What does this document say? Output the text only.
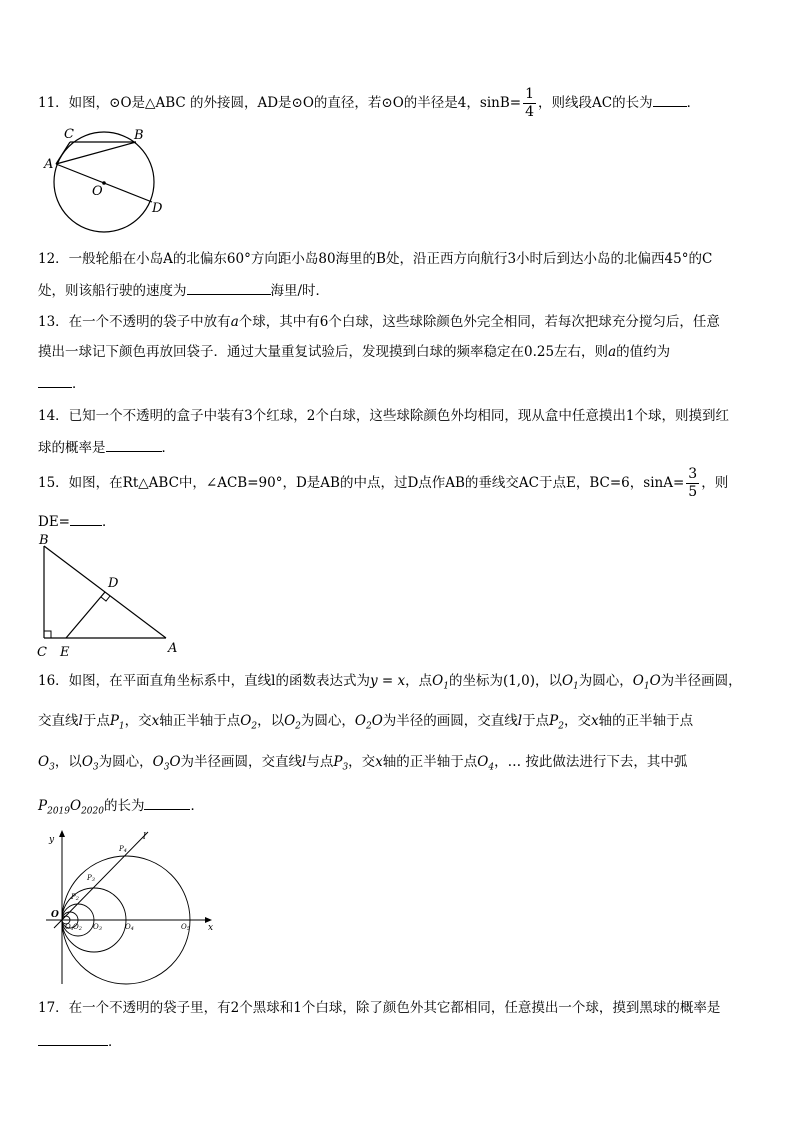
11．如图，⊙O是△ABC 的外接圆，AD是⊙O的直径，若⊙O的半径是4，$\sin B= \frac{1}{4}$ ，则线段AC的长为	．
C	B
A
O
D
12．一般轮船在小岛A的北偏东60°方向距小岛80海里的B处，沿正西方向航行3小时后到达小岛的北偏西45°的C
处，则该船行驶的速度为	海里/时．
13．在一个不透明的袋子中放有a个球，其中有6个白球，这些球除颜色外完全相同，若每次把球充分搅匀后，任意
摸出一球记下颜色再放回袋子．通过大量重复试验后，发现摸到白球的频率稳定在0.25左右，则a的值约为
．
14．已知一个不透明的盒子中装有3个红球，2个白球，这些球除颜色外均相同，现从盒中任意摸出1个球，则摸到红
球的概率是	．
15．如图，在Rt△ABC中，∠ACB=90°，D是AB的中点，过D点作AB的垂线交AC于点E，BC=6，$\sin A= \frac{3}{5}$ ，则
DE= ．
B
D
C E	A
16．如图，在平面直角坐标系中，直线l的函数表达式为y = x，点$O_1$的坐标为(1,0)，以$O_1$为圆心，$O_1O$为半径画圆，
交直线l于点$P_1$，交x轴正半轴于点$O_2$，以$O_2$为圆心，$O_2O$为半径的画圆，交直线l于点$P_2$，交x轴的正半轴于点
$O_3$，以$O_3$为圆心，$O_3O$为半径画圆，交直线l与点$P_3$，交x轴的正半轴于点$O_4$，… 按此做法进行下去，其中弧
$P_{2019}O_{2020}$的长为	．
y
x
O
l
P4
P3
P2
O1 O2 O3	O4	O5
17．在一个不透明的袋子里，有2个黑球和1个白球，除了颜色外其它都相同，任意摸出一个球，摸到黑球的概率是
．
